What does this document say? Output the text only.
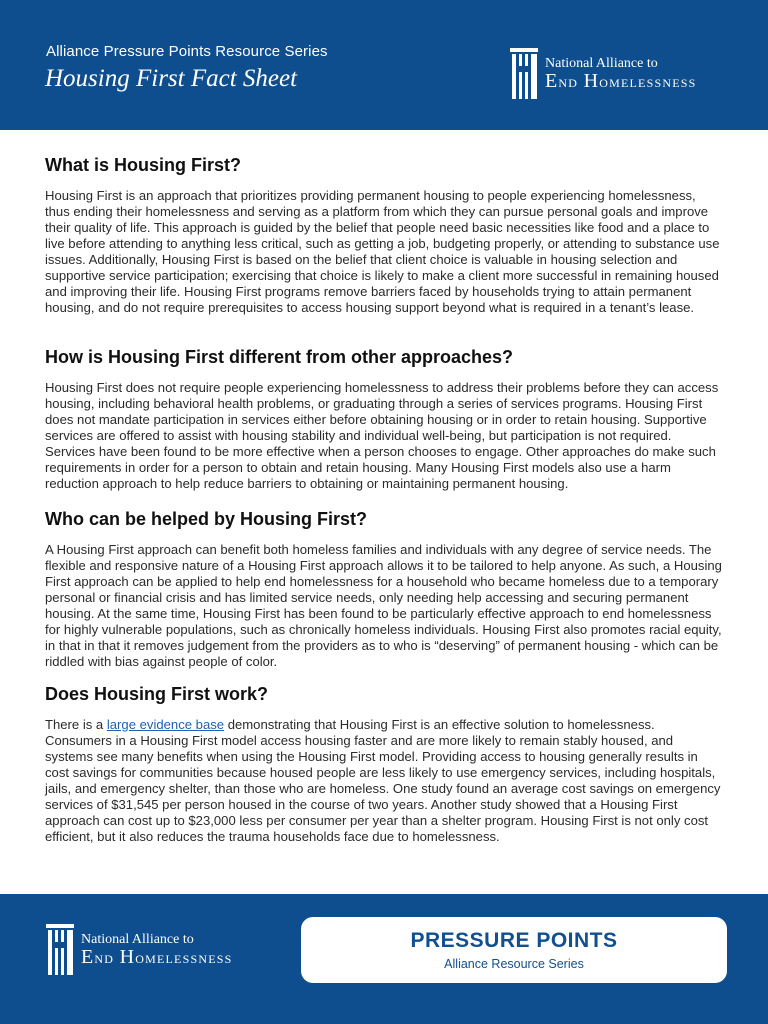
Alliance Pressure Points Resource Series
Housing First Fact Sheet
National Alliance to
End Homelessness
What is Housing First?

Housing First is an approach that prioritizes providing permanent housing to people experiencing homelessness, thus ending their homelessness and serving as a platform from which they can pursue personal goals and improve their quality of life. This approach is guided by the belief that people need basic necessities like food and a place to live before attending to anything less critical, such as getting a job, budgeting properly, or attending to substance use issues. Additionally, Housing First is based on the belief that client choice is valuable in housing selection and supportive service participation; exercising that choice is likely to make a client more successful in remaining housed and improving their life. Housing First programs remove barriers faced by households trying to attain permanent housing, and do not require prerequisites to access housing support beyond what is required in a tenant’s lease.

How is Housing First different from other approaches?

Housing First does not require people experiencing homelessness to address their problems before they can access housing, including behavioral health problems, or graduating through a series of services programs. Housing First does not mandate participation in services either before obtaining housing or in order to retain housing. Supportive services are offered to assist with housing stability and individual well-being, but participation is not required. Services have been found to be more effective when a person chooses to engage. Other approaches do make such requirements in order for a person to obtain and retain housing. Many Housing First models also use a harm reduction approach to help reduce barriers to obtaining or maintaining permanent housing.

Who can be helped by Housing First?

A Housing First approach can benefit both homeless families and individuals with any degree of service needs. The flexible and responsive nature of a Housing First approach allows it to be tailored to help anyone. As such, a Housing First approach can be applied to help end homelessness for a household who became homeless due to a temporary personal or financial crisis and has limited service needs, only needing help accessing and securing permanent housing. At the same time, Housing First has been found to be particularly effective approach to end homelessness for highly vulnerable populations, such as chronically homeless individuals. Housing First also promotes racial equity, in that in that it removes judgement from the providers as to who is “deserving” of permanent housing - which can be riddled with bias against people of color.

Does Housing First work?

There is a large evidence base demonstrating that Housing First is an effective solution to homelessness. Consumers in a Housing First model access housing faster and are more likely to remain stably housed, and systems see many benefits when using the Housing First model. Providing access to housing generally results in cost savings for communities because housed people are less likely to use emergency services, including hospitals, jails, and emergency shelter, than those who are homeless. One study found an average cost savings on emergency services of $31,545 per person housed in the course of two years. Another study showed that a Housing First approach can cost up to $23,000 less per consumer per year than a shelter program. Housing First is not only cost efficient, but it also reduces the trauma households face due to homelessness.

PRESSURE POINTS
Alliance Resource Series
National Alliance to
End Homelessness
